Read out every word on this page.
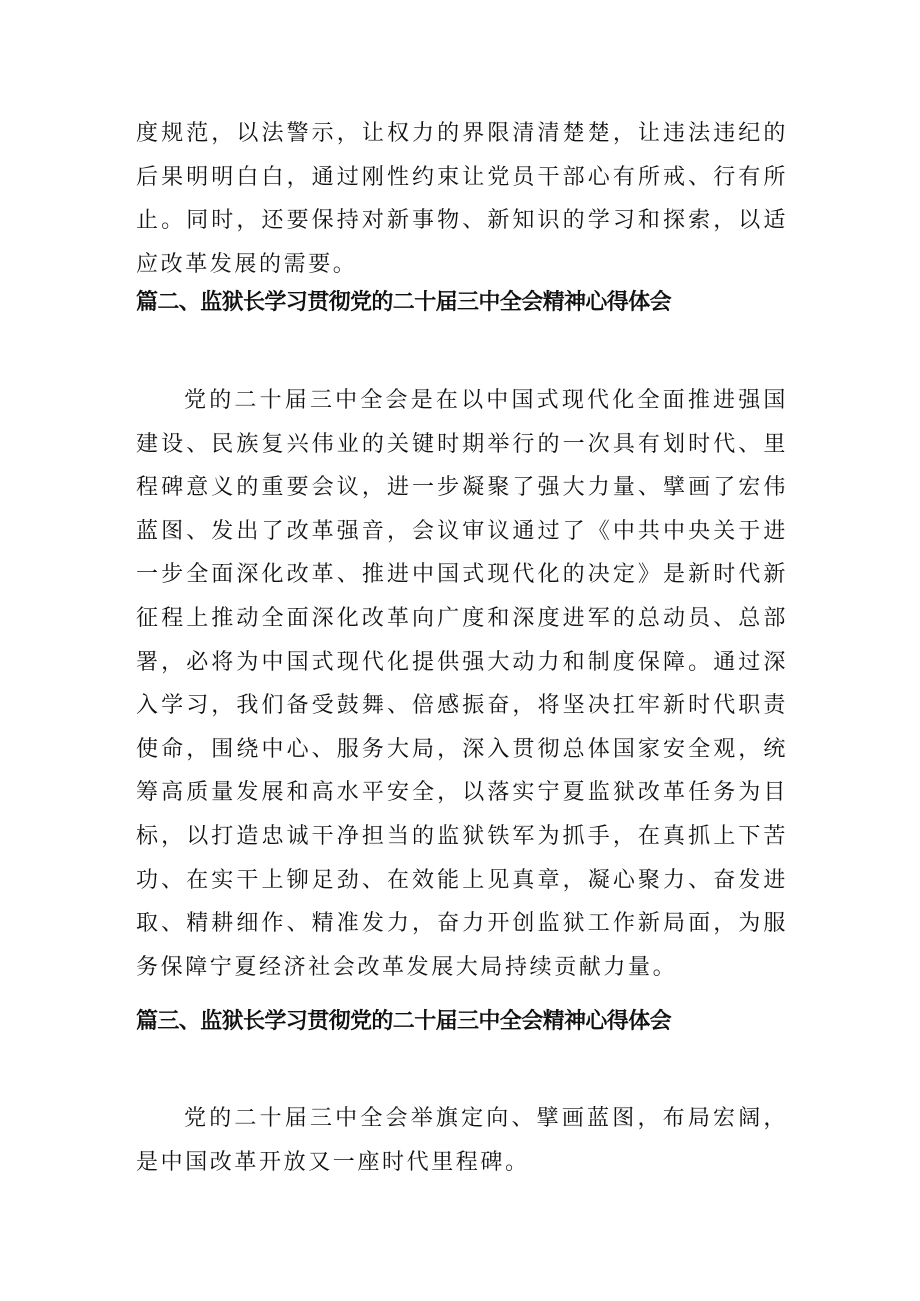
度规范，以法警示，让权力的界限清清楚楚，让违法违纪的后果明明白白，通过刚性约束让党员干部心有所戒、行有所止。同时，还要保持对新事物、新知识的学习和探索，以适应改革发展的需要。

篇二、监狱长学习贯彻党的二十届三中全会精神心得体会

党的二十届三中全会是在以中国式现代化全面推进强国建设、民族复兴伟业的关键时期举行的一次具有划时代、里程碑意义的重要会议，进一步凝聚了强大力量、擘画了宏伟蓝图、发出了改革强音，会议审议通过了《中共中央关于进一步全面深化改革、推进中国式现代化的决定》是新时代新征程上推动全面深化改革向广度和深度进军的总动员、总部署，必将为中国式现代化提供强大动力和制度保障。通过深入学习，我们备受鼓舞、倍感振奋，将坚决扛牢新时代职责使命，围绕中心、服务大局，深入贯彻总体国家安全观，统筹高质量发展和高水平安全，以落实宁夏监狱改革任务为目标，以打造忠诚干净担当的监狱铁军为抓手，在真抓上下苦功、在实干上铆足劲、在效能上见真章，凝心聚力、奋发进取、精耕细作、精准发力，奋力开创监狱工作新局面，为服务保障宁夏经济社会改革发展大局持续贡献力量。

篇三、监狱长学习贯彻党的二十届三中全会精神心得体会

党的二十届三中全会举旗定向、擘画蓝图，布局宏阔，是中国改革开放又一座时代里程碑。
